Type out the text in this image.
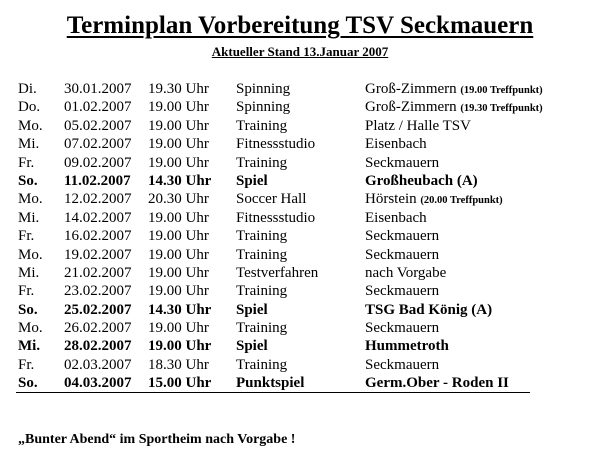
Terminplan Vorbereitung TSV Seckmauern
Aktueller Stand 13.Januar 2007
Di. 30.01.2007 19.30 Uhr Spinning	Groß-Zimmern (19.00 Treffpunkt)
Do. 01.02.2007 19.00 Uhr Spinning	Groß-Zimmern (19.30 Treffpunkt)
Mo. 05.02.2007 19.00 Uhr Training	Platz / Halle TSV
Mi. 07.02.2007 19.00 Uhr Fitnessstudio	Eisenbach
Fr. 09.02.2007 19.00 Uhr Training	Seckmauern
So. 11.02.2007 14.30 Uhr Spiel	Großheubach (A)
Mo. 12.02.2007 20.30 Uhr Soccer Hall	Hörstein (20.00 Treffpunkt)
Mi. 14.02.2007 19.00 Uhr Fitnessstudio	Eisenbach
Fr. 16.02.2007 19.00 Uhr Training	Seckmauern
Mo. 19.02.2007 19.00 Uhr Training	Seckmauern
Mi. 21.02.2007 19.00 Uhr Testverfahren	nach Vorgabe
Fr. 23.02.2007 19.00 Uhr Training	Seckmauern
So. 25.02.2007 14.30 Uhr Spiel	TSG Bad König (A)
Mo. 26.02.2007 19.00 Uhr Training	Seckmauern
Mi. 28.02.2007 19.00 Uhr Spiel	Hummetroth
Fr. 02.03.2007 18.30 Uhr Training	Seckmauern
So. 04.03.2007 15.00 Uhr Punktspiel	Germ.Ober - Roden II
„Bunter Abend“ im Sportheim nach Vorgabe !
